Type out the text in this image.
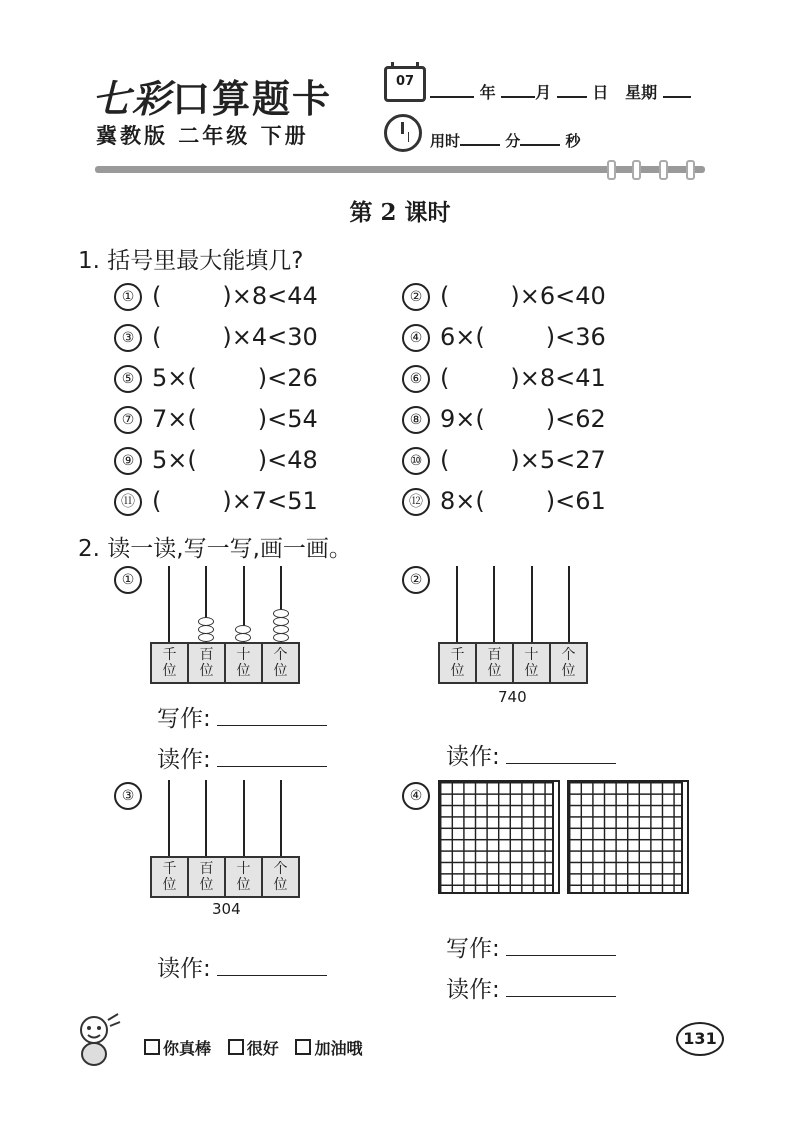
七彩口算题卡
冀教版 二年级 下册
07
年 月	日 星期
用时	分	秒
第 2 课时
1. 括号里最大能填几?
① (        )×8<44	② (        )×6<40
③ (        )×4<30	④ 6×(        )<36
⑤ 5×(        )<26	⑥ (        )×8<41
⑦ 7×(        )<54	⑧ 9×(        )<62
⑨ 5×(        )<48	⑩ (        )×5<27
⑪ (        )×7<51	⑫ 8×(        )<61
2. 读一读,写一写,画一画。
①
千
位
百
位
十
位
个
位
写作:
读作:
②
千
位
百
位
十
位
个
位
740
读作:
③
千
位
百
位
十
位
个
位
304
读作:
④
写作:
读作:
你真棒 很好 加油哦
131
